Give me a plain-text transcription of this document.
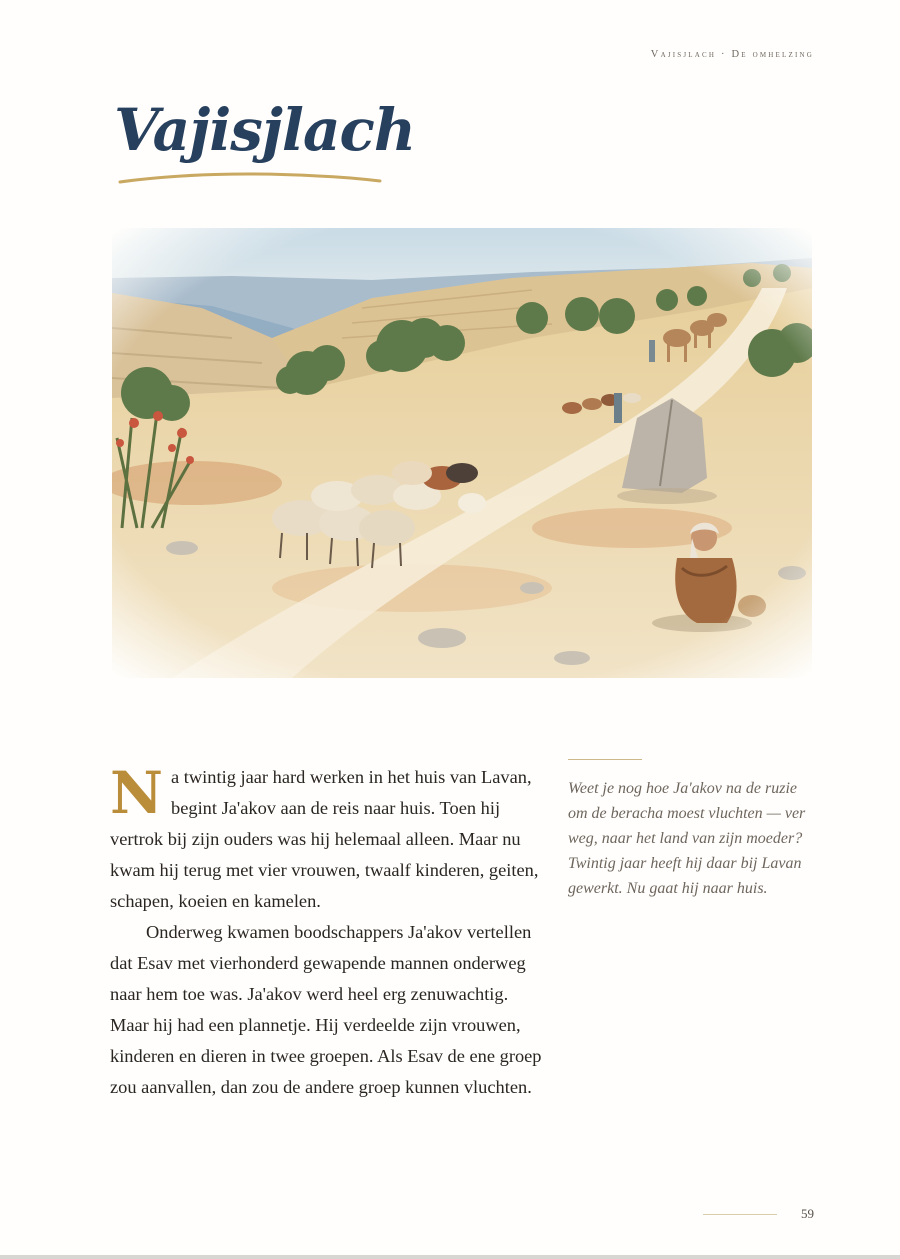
Vajisjlach · De omhelzing
Vajisjlach

Na twintig jaar hard werken in het huis van Lavan, begint Ja'akov aan de reis naar huis. Toen hij vertrok bij zijn ouders was hij helemaal alleen. Maar nu kwam hij terug met vier vrouwen, twaalf kinderen, geiten, schapen, koeien en kamelen.

Onderweg kwamen boodschappers Ja'akov vertellen dat Esav met vierhonderd gewapende mannen onderweg naar hem toe was. Ja'akov werd heel erg zenuwachtig. Maar hij had een plannetje. Hij verdeelde zijn vrouwen, kinderen en dieren in twee groepen. Als Esav de ene groep zou aanvallen, dan zou de andere groep kunnen vluchten.

Weet je nog hoe Ja'akov na de ruzie om de beracha moest vluchten — ver weg, naar het land van zijn moeder? Twintig jaar heeft hij daar bij Lavan gewerkt. Nu gaat hij naar huis.

59
